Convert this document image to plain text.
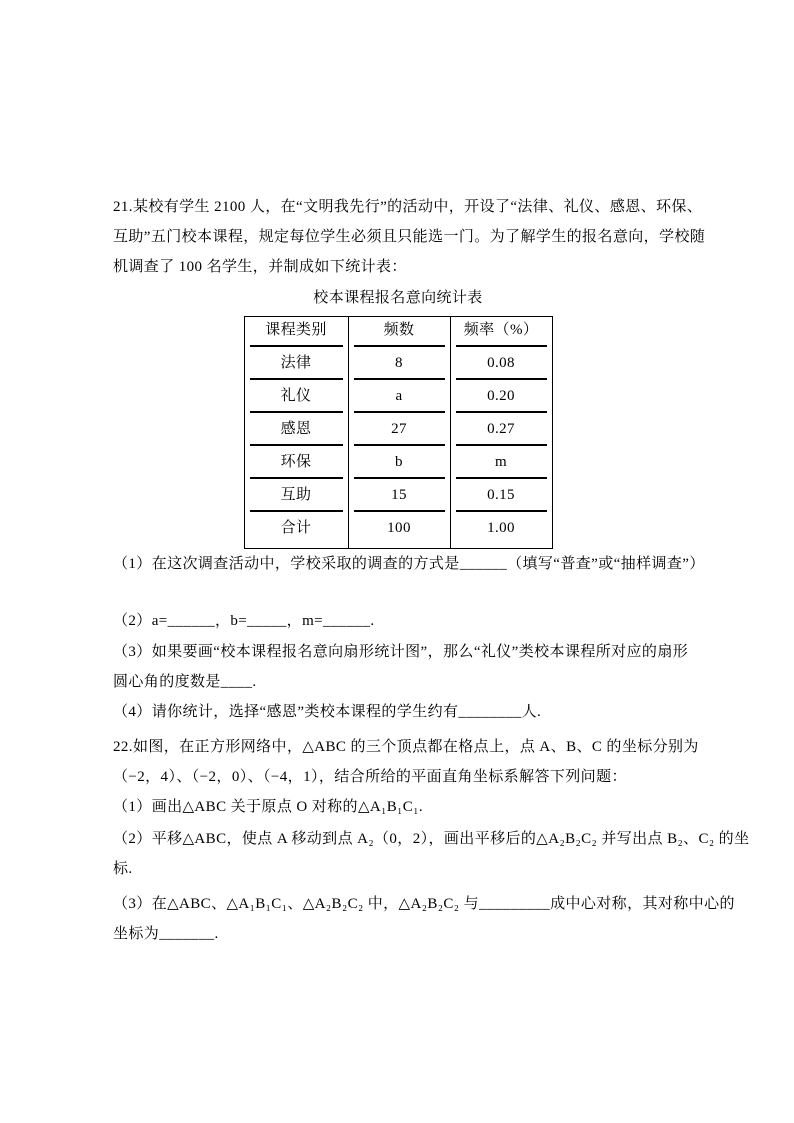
21.某校有学生 2100 人，在“文明我先行”的活动中，开设了“法律、礼仪、感恩、环保、

互助”五门校本课程，规定每位学生必须且只能选一门。为了解学生的报名意向，学校随

机调查了 100 名学生，并制成如下统计表：

校本课程报名意向统计表
课程类别	频数	频率（%）
法律	8	0.08
礼仪	a	0.20
感恩	27	0.27
环保	b	m
互助	15	0.15
合计	100	1.00

（1）在这次调查活动中，学校采取的调查的方式是______（填写“普查”或“抽样调查”）

（2）a=______，b=_____，m=______.

（3）如果要画“校本课程报名意向扇形统计图”，那么“礼仪”类校本课程所对应的扇形

圆心角的度数是____.

（4）请你统计，选择“感恩”类校本课程的学生约有________人.

22.如图，在正方形网络中，△ABC 的三个顶点都在格点上，点 A、B、C 的坐标分别为

（−2，4）、（−2，0）、（−4，1），结合所给的平面直角坐标系解答下列问题：

（1）画出△ABC 关于原点 O 对称的△A₁B₁C₁.

（2）平移△ABC，使点 A 移动到点 A₂（0，2），画出平移后的△A₂B₂C₂ 并写出点 B₂、C₂ 的坐

标.

（3）在△ABC、△A₁B₁C₁、△A₂B₂C₂ 中，△A₂B₂C₂ 与_________成中心对称，其对称中心的

坐标为_______.
